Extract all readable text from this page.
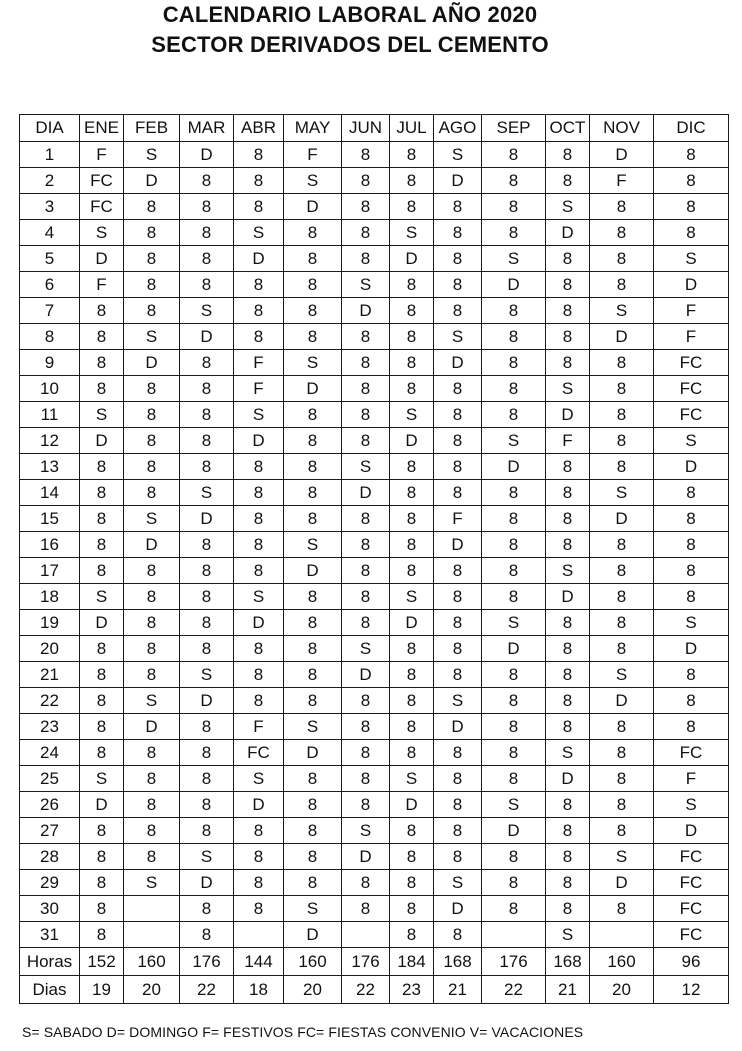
CALENDARIO LABORAL AÑO 2020
SECTOR DERIVADOS DEL CEMENTO
DIA	ENE	FEB	MAR	ABR	MAY	JUN	JUL	AGO	SEP	OCT	NOV	DIC
1	F	S	D	8	F	8	8	S	8	8	D	8
2	FC	D	8	8	S	8	8	D	8	8	F	8
3	FC	8	8	8	D	8	8	8	8	S	8	8
4	S	8	8	S	8	8	S	8	8	D	8	8
5	D	8	8	D	8	8	D	8	S	8	8	S
6	F	8	8	8	8	S	8	8	D	8	8	D
7	8	8	S	8	8	D	8	8	8	8	S	F
8	8	S	D	8	8	8	8	S	8	8	D	F
9	8	D	8	F	S	8	8	D	8	8	8	FC
10	8	8	8	F	D	8	8	8	8	S	8	FC
11	S	8	8	S	8	8	S	8	8	D	8	FC
12	D	8	8	D	8	8	D	8	S	F	8	S
13	8	8	8	8	8	S	8	8	D	8	8	D
14	8	8	S	8	8	D	8	8	8	8	S	8
15	8	S	D	8	8	8	8	F	8	8	D	8
16	8	D	8	8	S	8	8	D	8	8	8	8
17	8	8	8	8	D	8	8	8	8	S	8	8
18	S	8	8	S	8	8	S	8	8	D	8	8
19	D	8	8	D	8	8	D	8	S	8	8	S
20	8	8	8	8	8	S	8	8	D	8	8	D
21	8	8	S	8	8	D	8	8	8	8	S	8
22	8	S	D	8	8	8	8	S	8	8	D	8
23	8	D	8	F	S	8	8	D	8	8	8	8
24	8	8	8	FC	D	8	8	8	8	S	8	FC
25	S	8	8	S	8	8	S	8	8	D	8	F
26	D	8	8	D	8	8	D	8	S	8	8	S
27	8	8	8	8	8	S	8	8	D	8	8	D
28	8	8	S	8	8	D	8	8	8	8	S	FC
29	8	S	D	8	8	8	8	S	8	8	D	FC
30	8		8	8	S	8	8	D	8	8	8	FC
31	8		8		D		8	8		S		FC
Horas	152	160	176	144	160	176	184	168	176	168	160	96
Dias	19	20	22	18	20	22	23	21	22	21	20	12
S= SABADO D= DOMINGO F= FESTIVOS FC= FIESTAS CONVENIO V= VACACIONES
